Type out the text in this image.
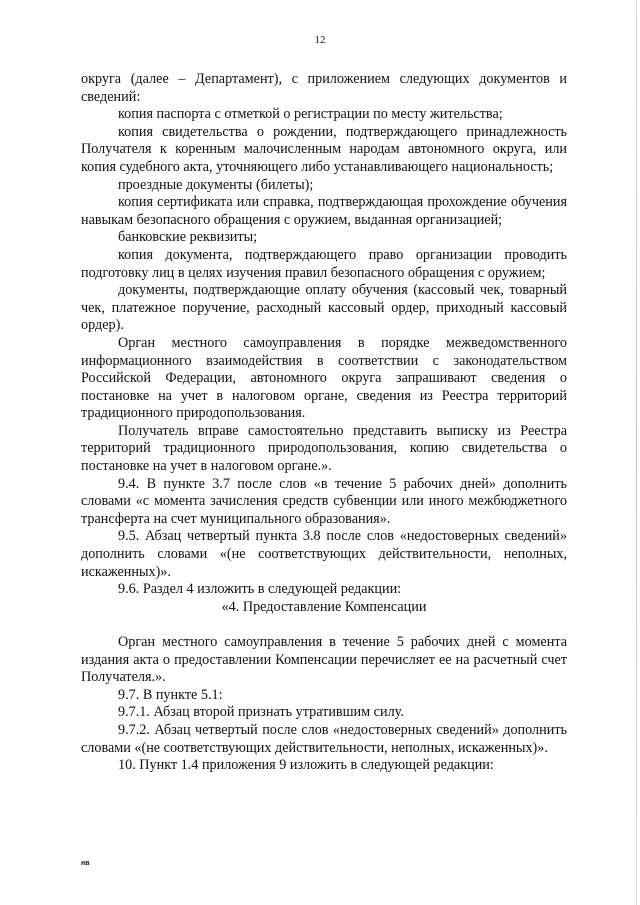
12

округа (далее – Департамент), с приложением следующих документов и сведений:

копия паспорта с отметкой о регистрации по месту жительства;

копия свидетельства о рождении, подтверждающего принадлежность Получателя к коренным малочисленным народам автономного округа, или копия судебного акта, уточняющего либо устанавливающего национальность;

проездные документы (билеты);

копия сертификата или справка, подтверждающая прохождение обучения навыкам безопасного обращения с оружием, выданная организацией;

банковские реквизиты;

копия документа, подтверждающего право организации проводить подготовку лиц в целях изучения правил безопасного обращения с оружием;

документы, подтверждающие оплату обучения (кассовый чек, товарный чек, платежное поручение, расходный кассовый ордер, приходный кассовый ордер).

Орган местного самоуправления в порядке межведомственного информационного взаимодействия в соответствии с законодательством Российской Федерации, автономного округа запрашивают сведения о постановке на учет в налоговом органе, сведения из Реестра территорий традиционного природопользования.

Получатель вправе самостоятельно представить выписку из Реестра территорий традиционного природопользования, копию свидетельства о постановке на учет в налоговом органе.».

9.4. В пункте 3.7 после слов «в течение 5 рабочих дней» дополнить словами «с момента зачисления средств субвенции или иного межбюджетного трансферта на счет муниципального образования».

9.5. Абзац четвертый пункта 3.8 после слов «недостоверных сведений» дополнить словами «(не соответствующих действительности, неполных, искаженных)».

9.6. Раздел 4 изложить в следующей редакции:

«4. Предоставление Компенсации

Орган местного самоуправления в течение 5 рабочих дней с момента издания акта о предоставлении Компенсации перечисляет ее на расчетный счет Получателя.».

9.7. В пункте 5.1:

9.7.1. Абзац второй признать утратившим силу.

9.7.2. Абзац четвертый после слов «недостоверных сведений» дополнить словами «(не соответствующих действительности, неполных, искаженных)».

10. Пункт 1.4 приложения 9 изложить в следующей редакции:

нв
